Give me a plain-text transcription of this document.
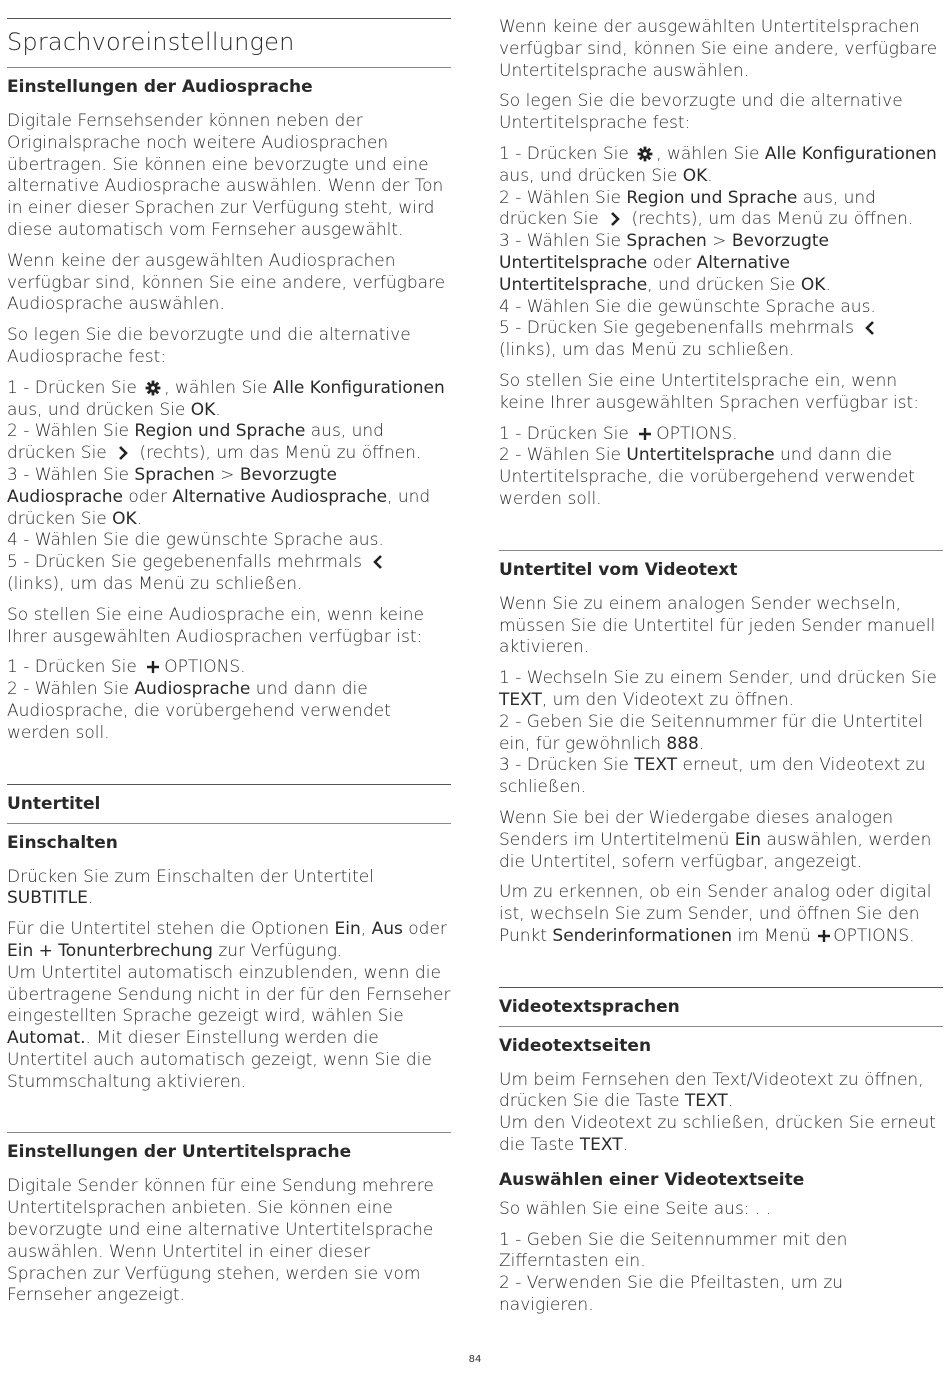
Sprachvoreinstellungen
Einstellungen der Audiosprache

Digitale Fernsehsender können neben der Originalsprache noch weitere Audiosprachen übertragen. Sie können eine bevorzugte und eine alternative Audiosprache auswählen. Wenn der Ton in einer dieser Sprachen zur Verfügung steht, wird diese automatisch vom Fernseher ausgewählt.

Wenn keine der ausgewählten Audiosprachen verfügbar sind, können Sie eine andere, verfügbare Audiosprache auswählen.

So legen Sie die bevorzugte und die alternative Audiosprache fest:

1 - Drücken Sie , wählen Sie Alle Konfigurationen aus, und drücken Sie OK.
2 - Wählen Sie Region und Sprache aus, und drücken Sie  (rechts), um das Menü zu öffnen.
3 - Wählen Sie Sprachen > Bevorzugte Audiosprache oder Alternative Audiosprache, und drücken Sie OK.
4 - Wählen Sie die gewünschte Sprache aus.
5 - Drücken Sie gegebenenfalls mehrmals  (links), um das Menü zu schließen.

So stellen Sie eine Audiosprache ein, wenn keine Ihrer ausgewählten Audiosprachen verfügbar ist:

1 - Drücken Sie OPTIONS.
2 - Wählen Sie Audiosprache und dann die Audiosprache, die vorübergehend verwendet werden soll.
Untertitel
Einschalten

Drücken Sie zum Einschalten der Untertitel SUBTITLE.

Für die Untertitel stehen die Optionen Ein, Aus oder Ein + Tonunterbrechung zur Verfügung.
Um Untertitel automatisch einzublenden, wenn die übertragene Sendung nicht in der für den Fernseher eingestellten Sprache gezeigt wird, wählen Sie Automat.. Mit dieser Einstellung werden die Untertitel auch automatisch gezeigt, wenn Sie die Stummschaltung aktivieren.

Einstellungen der Untertitelsprache

Digitale Sender können für eine Sendung mehrere Untertitelsprachen anbieten. Sie können eine bevorzugte und eine alternative Untertitelsprache auswählen. Wenn Untertitel in einer dieser Sprachen zur Verfügung stehen, werden sie vom Fernseher angezeigt.

Wenn keine der ausgewählten Untertitelsprachen verfügbar sind, können Sie eine andere, verfügbare Untertitelsprache auswählen.

So legen Sie die bevorzugte und die alternative Untertitelsprache fest:

1 - Drücken Sie , wählen Sie Alle Konfigurationen aus, und drücken Sie OK.
2 - Wählen Sie Region und Sprache aus, und drücken Sie  (rechts), um das Menü zu öffnen.
3 - Wählen Sie Sprachen > Bevorzugte Untertitelsprache oder Alternative Untertitelsprache, und drücken Sie OK.
4 - Wählen Sie die gewünschte Sprache aus.
5 - Drücken Sie gegebenenfalls mehrmals  (links), um das Menü zu schließen.

So stellen Sie eine Untertitelsprache ein, wenn keine Ihrer ausgewählten Sprachen verfügbar ist:

1 - Drücken Sie OPTIONS.
2 - Wählen Sie Untertitelsprache und dann die Untertitelsprache, die vorübergehend verwendet werden soll.
Untertitel vom Videotext

Wenn Sie zu einem analogen Sender wechseln, müssen Sie die Untertitel für jeden Sender manuell aktivieren.

1 - Wechseln Sie zu einem Sender, und drücken Sie TEXT, um den Videotext zu öffnen.
2 - Geben Sie die Seitennummer für die Untertitel ein, für gewöhnlich 888.
3 - Drücken Sie TEXT erneut, um den Videotext zu schließen.

Wenn Sie bei der Wiedergabe dieses analogen Senders im Untertitelmenü Ein auswählen, werden die Untertitel, sofern verfügbar, angezeigt.

Um zu erkennen, ob ein Sender analog oder digital ist, wechseln Sie zum Sender, und öffnen Sie den Punkt Senderinformationen im Menü OPTIONS.

Videotextsprachen
Videotextseiten

Um beim Fernsehen den Text/Videotext zu öffnen, drücken Sie die Taste TEXT.
Um den Videotext zu schließen, drücken Sie erneut die Taste TEXT.

Auswählen einer Videotextseite

So wählen Sie eine Seite aus: . .

1 - Geben Sie die Seitennummer mit den Zifferntasten ein.
2 - Verwenden Sie die Pfeiltasten, um zu navigieren.
84
